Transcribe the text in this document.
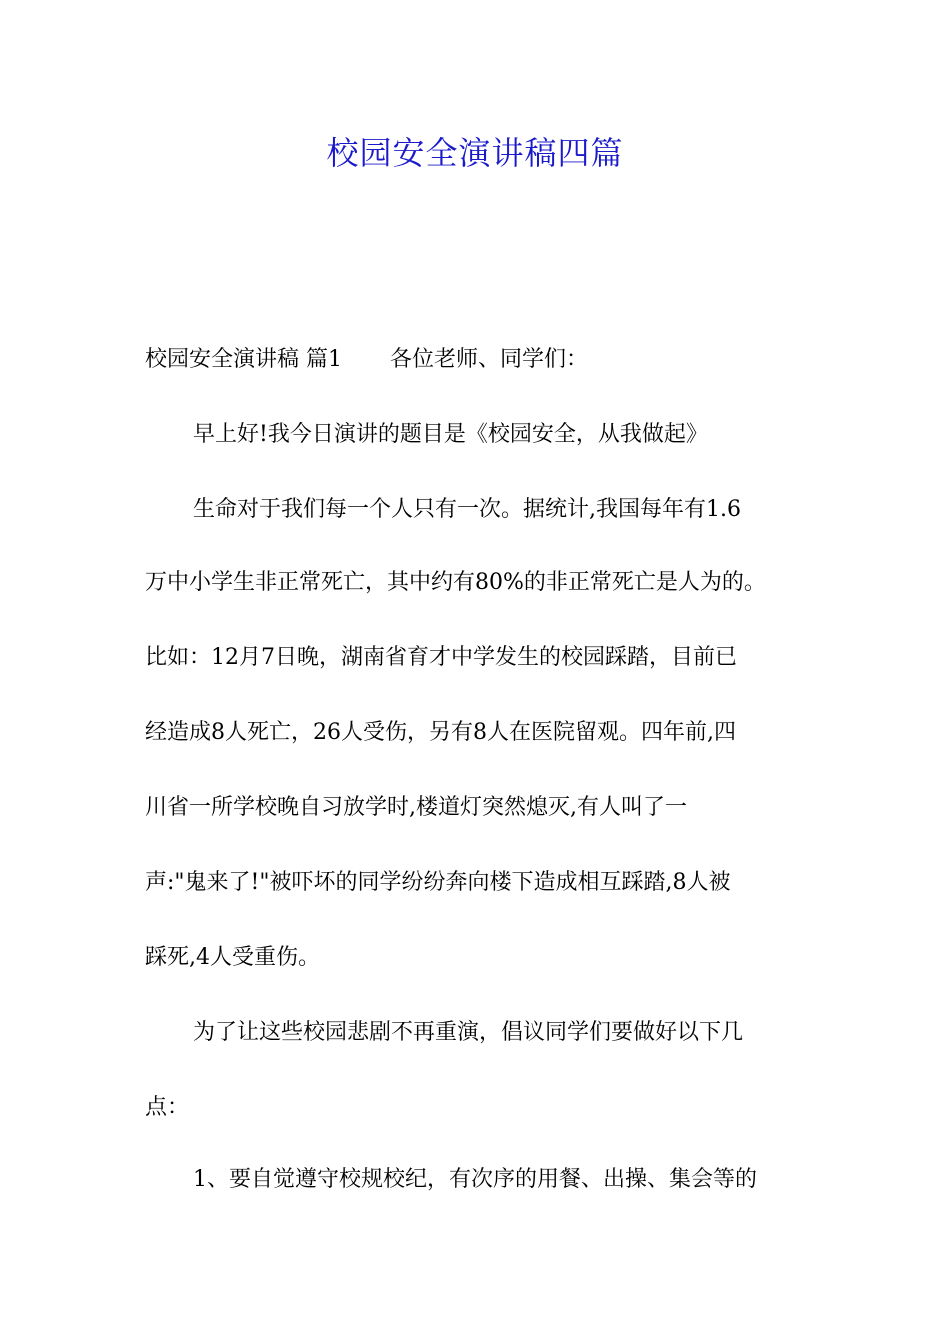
校园安全演讲稿四篇

校园安全演讲稿 篇1 各位老师、同学们：

早上好!我今日演讲的题目是《校园安全，从我做起》

生命对于我们每一个人只有一次。据统计,我国每年有1.6

万中小学生非正常死亡，其中约有80%的非正常死亡是人为的。

比如：12月7日晚，湖南省育才中学发生的校园踩踏，目前已

经造成8人死亡，26人受伤，另有8人在医院留观。四年前,四

川省一所学校晚自习放学时,楼道灯突然熄灭,有人叫了一

声:"鬼来了!"被吓坏的同学纷纷奔向楼下造成相互踩踏,8人被

踩死,4人受重伤。

为了让这些校园悲剧不再重演，倡议同学们要做好以下几

点：

1、要自觉遵守校规校纪，有次序的用餐、出操、集会等的
